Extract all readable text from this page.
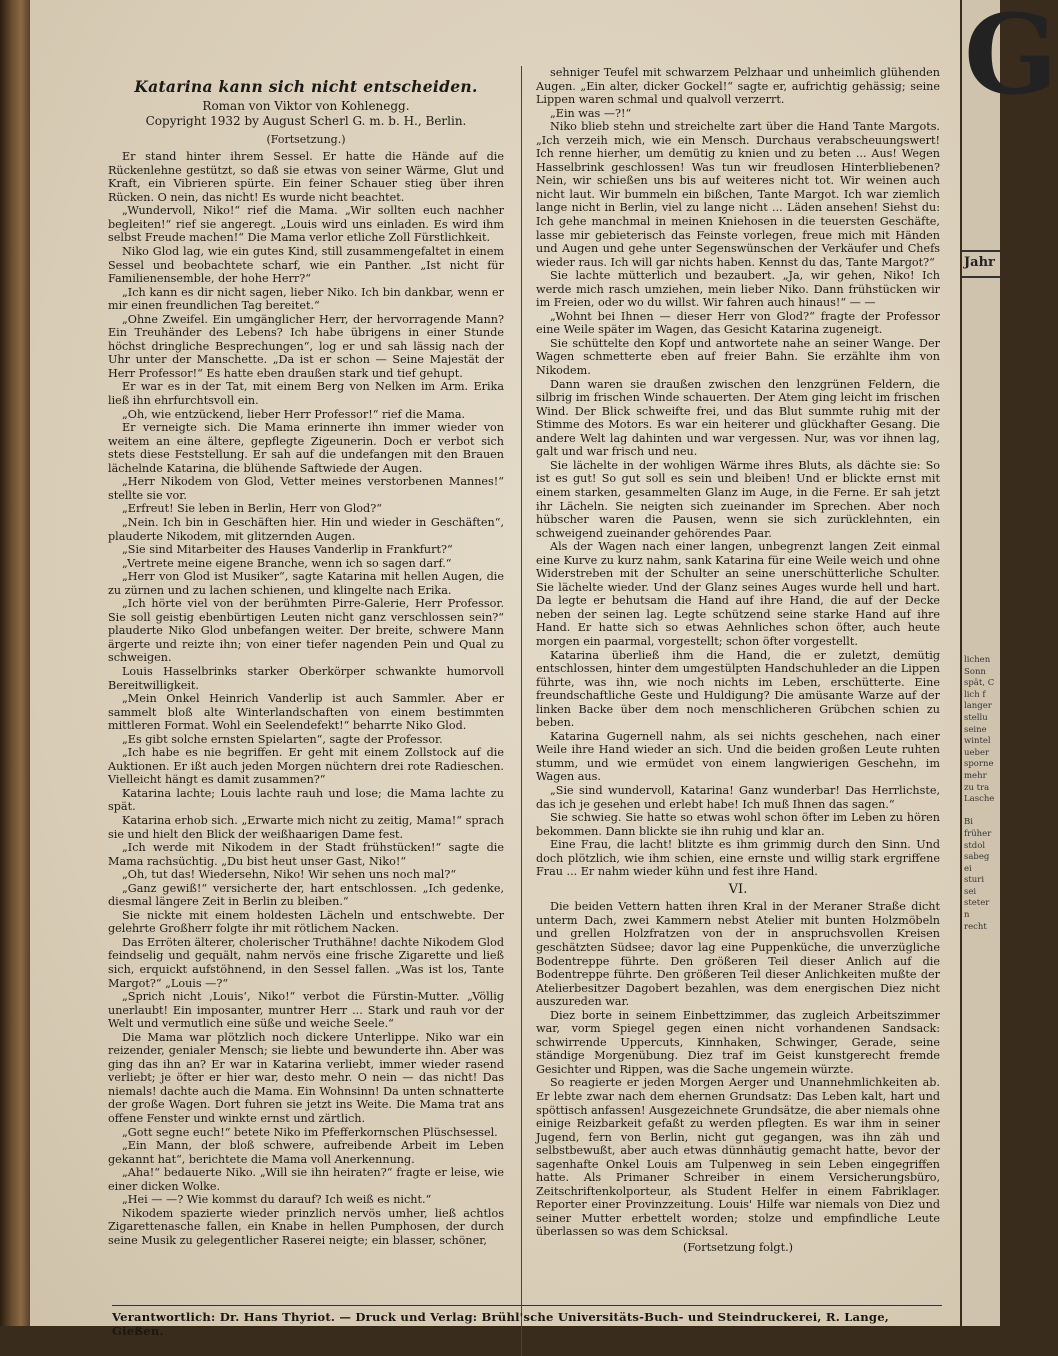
Katarina kann sich nicht entscheiden.
Roman von Viktor von Kohlenegg.
Copyright 1932 by August Scherl G. m. b. H., Berlin.
(Fortsetzung.)

Er stand hinter ihrem Sessel. Er hatte die Hände auf die Rückenlehne gestützt, so daß sie etwas von seiner Wärme, Glut und Kraft, ein Vibrieren spürte. Ein feiner Schauer stieg über ihren Rücken. O nein, das nicht! Es wurde nicht beachtet.

„Wundervoll, Niko!“ rief die Mama. „Wir sollten euch nachher begleiten!“ rief sie angeregt. „Louis wird uns einladen. Es wird ihm selbst Freude machen!“ Die Mama verlor etliche Zoll Fürstlichkeit.

Niko Glod lag, wie ein gutes Kind, still zusammengefaltet in einem Sessel und beobachtete scharf, wie ein Panther. „Ist nicht für Familienensemble, der hohe Herr?“

„Ich kann es dir nicht sagen, lieber Niko. Ich bin dankbar, wenn er mir einen freundlichen Tag bereitet.“

„Ohne Zweifel. Ein umgänglicher Herr, der hervorragende Mann? Ein Treuhänder des Lebens? Ich habe übrigens in einer Stunde höchst dringliche Besprechungen“, log er und sah lässig nach der Uhr unter der Manschette. „Da ist er schon — Seine Majestät der Herr Professor!“ Es hatte eben draußen stark und tief gehupt.

Er war es in der Tat, mit einem Berg von Nelken im Arm. Erika ließ ihn ehrfurchtsvoll ein.

„Oh, wie entzückend, lieber Herr Professor!“ rief die Mama.

Er verneigte sich. Die Mama erinnerte ihn immer wieder von weitem an eine ältere, gepflegte Zigeunerin. Doch er verbot sich stets diese Feststellung. Er sah auf die undefangen mit den Brauen lächelnde Katarina, die blühende Saftwiede der Augen.

„Herr Nikodem von Glod, Vetter meines verstorbenen Mannes!“ stellte sie vor.

„Erfreut! Sie leben in Berlin, Herr von Glod?“

„Nein. Ich bin in Geschäften hier. Hin und wieder in Geschäften“, plauderte Nikodem, mit glitzernden Augen.

„Sie sind Mitarbeiter des Hauses Vanderlip in Frankfurt?“

„Vertrete meine eigene Branche, wenn ich so sagen darf.“

„Herr von Glod ist Musiker“, sagte Katarina mit hellen Augen, die zu zürnen und zu lachen schienen, und klingelte nach Erika.

„Ich hörte viel von der berühmten Pirre-Galerie, Herr Professor. Sie soll geistig ebenbürtigen Leuten nicht ganz verschlossen sein?“ plauderte Niko Glod unbefangen weiter. Der breite, schwere Mann ärgerte und reizte ihn; von einer tiefer nagenden Pein und Qual zu schweigen.

Louis Hasselbrinks starker Oberkörper schwankte humorvoll Bereitwilligkeit.

„Mein Onkel Heinrich Vanderlip ist auch Sammler. Aber er sammelt bloß alte Winterlandschaften von einem bestimmten mittleren Format. Wohl ein Seelendefekt!“ beharrte Niko Glod.

„Es gibt solche ernsten Spielarten“, sagte der Professor.

„Ich habe es nie begriffen. Er geht mit einem Zollstock auf die Auktionen. Er ißt auch jeden Morgen nüchtern drei rote Radieschen. Vielleicht hängt es damit zusammen?“

Katarina lachte; Louis lachte rauh und lose; die Mama lachte zu spät.

Katarina erhob sich. „Erwarte mich nicht zu zeitig, Mama!“ sprach sie und hielt den Blick der weißhaarigen Dame fest.

„Ich werde mit Nikodem in der Stadt frühstücken!“ sagte die Mama rachsüchtig. „Du bist heut unser Gast, Niko!“

„Oh, tut das! Wiedersehn, Niko! Wir sehen uns noch mal?“

„Ganz gewiß!“ versicherte der, hart entschlossen. „Ich gedenke, diesmal längere Zeit in Berlin zu bleiben.“

Sie nickte mit einem holdesten Lächeln und entschwebte. Der gelehrte Großherr folgte ihr mit rötlichem Nacken.

Das Erröten älterer, cholerischer Truthähne! dachte Nikodem Glod feindselig und gequält, nahm nervös eine frische Zigarette und ließ sich, erquickt aufstöhnend, in den Sessel fallen. „Was ist los, Tante Margot?“ „Louis —?“

„Sprich nicht ‚Louis‘, Niko!“ verbot die Fürstin-Mutter. „Völlig unerlaubt! Ein imposanter, muntrer Herr ... Stark und rauh vor der Welt und vermutlich eine süße und weiche Seele.“

Die Mama war plötzlich noch dickere Unterlippe. Niko war ein reizender, genialer Mensch; sie liebte und bewunderte ihn. Aber was ging das ihn an? Er war in Katarina verliebt, immer wieder rasend verliebt; je öfter er hier war, desto mehr. O nein — das nicht! Das niemals! dachte auch die Mama. Ein Wohnsinn! Da unten schnatterte der große Wagen. Dort fuhren sie jetzt ins Weite. Die Mama trat ans offene Fenster und winkte ernst und zärtlich.

„Gott segne euch!“ betete Niko im Pfefferkornschen Plüschsessel.

„Ein Mann, der bloß schwere, aufreibende Arbeit im Leben gekannt hat“, berichtete die Mama voll Anerkennung.

„Aha!“ bedauerte Niko. „Will sie ihn heiraten?“ fragte er leise, wie einer dicken Wolke.

„Hei — —? Wie kommst du darauf? Ich weiß es nicht.“

Nikodem spazierte wieder prinzlich nervös umher, ließ achtlos Zigarettenasche fallen, ein Knabe in hellen Pumphosen, der durch seine Musik zu gelegentlicher Raserei neigte; ein blasser, schöner,

sehniger Teufel mit schwarzem Pelzhaar und unheimlich glühenden Augen. „Ein alter, dicker Gockel!“ sagte er, aufrichtig gehässig; seine Lippen waren schmal und qualvoll verzerrt.

„Ein was —?!“

Niko blieb stehn und streichelte zart über die Hand Tante Margots. „Ich verzeih mich, wie ein Mensch. Durchaus verabscheuungswert! Ich renne hierher, um demütig zu knien und zu beten ... Aus! Wegen Hasselbrink geschlossen! Was tun wir freudlosen Hinterbliebenen? Nein, wir schießen uns bis auf weiteres nicht tot. Wir weinen auch nicht laut. Wir bummeln ein bißchen, Tante Margot. Ich war ziemlich lange nicht in Berlin, viel zu lange nicht ... Läden ansehen! Siehst du: Ich gehe manchmal in meinen Kniehosen in die teuersten Geschäfte, lasse mir gebieterisch das Feinste vorlegen, freue mich mit Händen und Augen und gehe unter Segenswünschen der Verkäufer und Chefs wieder raus. Ich will gar nichts haben. Kennst du das, Tante Margot?“

Sie lachte mütterlich und bezaubert. „Ja, wir gehen, Niko! Ich werde mich rasch umziehen, mein lieber Niko. Dann frühstücken wir im Freien, oder wo du willst. Wir fahren auch hinaus!“ — —

„Wohnt bei Ihnen — dieser Herr von Glod?“ fragte der Professor eine Weile später im Wagen, das Gesicht Katarina zugeneigt.

Sie schüttelte den Kopf und antwortete nahe an seiner Wange. Der Wagen schmetterte eben auf freier Bahn. Sie erzählte ihm von Nikodem.

Dann waren sie draußen zwischen den lenzgrünen Feldern, die silbrig im frischen Winde schauerten. Der Atem ging leicht im frischen Wind. Der Blick schweifte frei, und das Blut summte ruhig mit der Stimme des Motors. Es war ein heiterer und glückhafter Gesang. Die andere Welt lag dahinten und war vergessen. Nur, was vor ihnen lag, galt und war frisch und neu.

Sie lächelte in der wohligen Wärme ihres Bluts, als dächte sie: So ist es gut! So gut soll es sein und bleiben! Und er blickte ernst mit einem starken, gesammelten Glanz im Auge, in die Ferne. Er sah jetzt ihr Lächeln. Sie neigten sich zueinander im Sprechen. Aber noch hübscher waren die Pausen, wenn sie sich zurücklehnten, ein schweigend zueinander gehörendes Paar.

Als der Wagen nach einer langen, unbegrenzt langen Zeit einmal eine Kurve zu kurz nahm, sank Katarina für eine Weile weich und ohne Widerstreben mit der Schulter an seine unerschütterliche Schulter. Sie lächelte wieder. Und der Glanz seines Auges wurde hell und hart. Da legte er behutsam die Hand auf ihre Hand, die auf der Decke neben der seinen lag. Legte schützend seine starke Hand auf ihre Hand. Er hatte sich so etwas Aehnliches schon öfter, auch heute morgen ein paarmal, vorgestellt; schon öfter vorgestellt.

Katarina überließ ihm die Hand, die er zuletzt, demütig entschlossen, hinter dem umgestülpten Handschuhleder an die Lippen führte, was ihn, wie noch nichts im Leben, erschütterte. Eine freundschaftliche Geste und Huldigung? Die amüsante Warze auf der linken Backe über dem noch menschlicheren Grübchen schien zu beben.

Katarina Gugernell nahm, als sei nichts geschehen, nach einer Weile ihre Hand wieder an sich. Und die beiden großen Leute ruhten stumm, und wie ermüdet von einem langwierigen Geschehn, im Wagen aus.

„Sie sind wundervoll, Katarina! Ganz wunderbar! Das Herrlichste, das ich je gesehen und erlebt habe! Ich muß Ihnen das sagen.“

Sie schwieg. Sie hatte so etwas wohl schon öfter im Leben zu hören bekommen. Dann blickte sie ihn ruhig und klar an.

Eine Frau, die lacht! blitzte es ihm grimmig durch den Sinn. Und doch plötzlich, wie ihm schien, eine ernste und willig stark ergriffene Frau ... Er nahm wieder kühn und fest ihre Hand.

VI.

Die beiden Vettern hatten ihren Kral in der Meraner Straße dicht unterm Dach, zwei Kammern nebst Atelier mit bunten Holzmöbeln und grellen Holzfratzen von der in anspruchsvollen Kreisen geschätzten Südsee; davor lag eine Puppenküche, die unverzügliche Bodentreppe führte. Den größeren Teil dieser Anlich auf die Bodentreppe führte. Den größeren Teil dieser Anlichkeiten mußte der Atelierbesitzer Dagobert bezahlen, was dem energischen Diez nicht auszureden war.

Diez borte in seinem Einbettzimmer, das zugleich Arbeitszimmer war, vorm Spiegel gegen einen nicht vorhandenen Sandsack: schwirrende Uppercuts, Kinnhaken, Schwinger, Gerade, seine ständige Morgenübung. Diez traf im Geist kunstgerecht fremde Gesichter und Rippen, was die Sache ungemein würzte.

So reagierte er jeden Morgen Aerger und Unannehmlichkeiten ab. Er lebte zwar nach dem ehernen Grundsatz: Das Leben kalt, hart und spöttisch anfassen! Ausgezeichnete Grundsätze, die aber niemals ohne einige Reizbarkeit gefaßt zu werden pflegten. Es war ihm in seiner Jugend, fern von Berlin, nicht gut gegangen, was ihn zäh und selbstbewußt, aber auch etwas dünnhäutig gemacht hatte, bevor der sagenhafte Onkel Louis am Tulpenweg in sein Leben eingegriffen hatte. Als Primaner Schreiber in einem Versicherungsbüro, Zeitschriftenkolporteur, als Student Helfer in einem Fabriklager. Reporter einer Provinzzeitung. Louis' Hilfe war niemals von Diez und seiner Mutter erbettelt worden; stolze und empfindliche Leute überlassen so was dem Schicksal.

(Fortsetzung folgt.)
Verantwortlich: Dr. Hans Thyriot. — Druck und Verlag: Brühl'sche Universitäts-Buch- und Steindruckerei, R. Lange, Gießen.
G
Jahr
lichen
Sonn
spät, C
lich f
langer
stellu
seine
wintel
ueber
sporne
mehr
zu tra
Lasche

Bi
früher
stdol
sabeg
ei
sturi
sei
steter
n
recht
